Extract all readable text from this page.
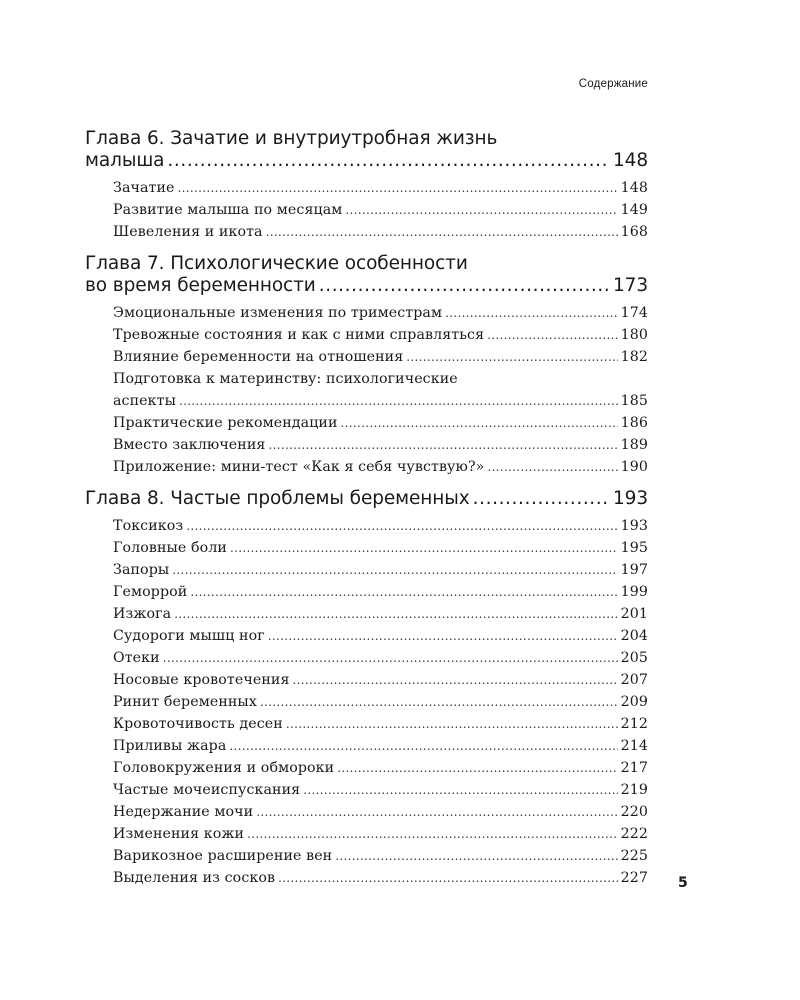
Содержание
Глава 6. Зачатие и внутриутробная жизнь
малыша .....	148
Зачатие .....	148
Развитие малыша по месяцам .....	149
Шевеления и икота .....	168
Глава 7. Психологические особенности
во время беременности .....	173
Эмоциональные изменения по триместрам .....	174
Тревожные состояния и как с ними справляться .....	180
Влияние беременности на отношения .....	182
Подготовка к материнству: психологические
аспекты .....	185
Практические рекомендации .....	186
Вместо заключения .....	189
Приложение: мини-тест «Как я себя чувствую?» .....	190
Глава 8. Частые проблемы беременных .....	193
Токсикоз .....	193
Головные боли .....	195
Запоры .....	197
Геморрой .....	199
Изжога .....	201
Судороги мышц ног .....	204
Отеки .....	205
Носовые кровотечения .....	207
Ринит беременных .....	209
Кровоточивость десен .....	212
Приливы жара .....	214
Головокружения и обмороки .....	217
Частые мочеиспускания .....	219
Недержание мочи .....	220
Изменения кожи .....	222
Варикозное расширение вен .....	225
Выделения из сосков .....	227 5
